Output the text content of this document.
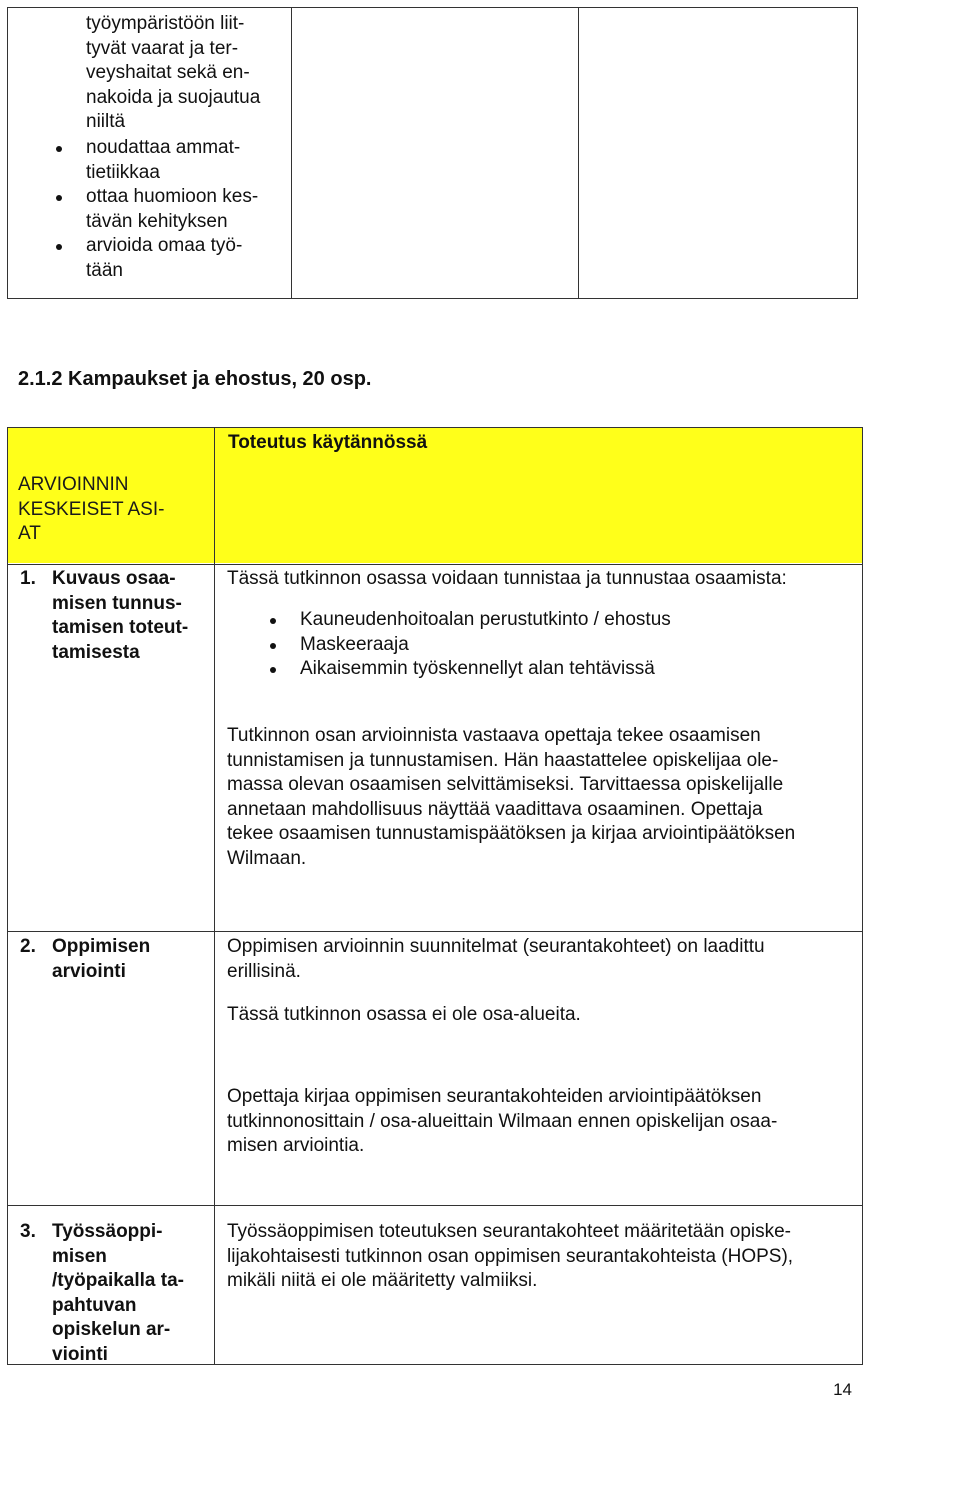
työympäristöön liit-
tyvät vaarat ja ter-
veyshaitat sekä en-
nakoida ja suojautua
niiltä
noudattaa ammat-
tietiikkaa
ottaa huomioon kes-
tävän kehityksen
arvioida omaa työ-
tään
2.1.2 Kampaukset ja ehostus, 20 osp.
ARVIOINNIN
KESKEISET ASI-
AT
Toteutus käytännössä
1. Kuvaus osaa-
misen tunnus-
tamisen toteut-
tamisesta
Tässä tutkinnon osassa voidaan tunnistaa ja tunnustaa osaamista:
Kauneudenhoitoalan perustutkinto / ehostus
Maskeeraaja
Aikaisemmin työskennellyt alan tehtävissä
Tutkinnon osan arvioinnista vastaava opettaja tekee osaamisen
tunnistamisen ja tunnustamisen. Hän haastattelee opiskelijaa ole-
massa olevan osaamisen selvittämiseksi. Tarvittaessa opiskelijalle
annetaan mahdollisuus näyttää vaadittava osaaminen. Opettaja
tekee osaamisen tunnustamispäätöksen ja kirjaa arviointipäätöksen
Wilmaan.
2. Oppimisen
arviointi
Oppimisen arvioinnin suunnitelmat (seurantakohteet) on laadittu
erillisinä.
Tässä tutkinnon osassa ei ole osa-alueita.
Opettaja kirjaa oppimisen seurantakohteiden arviointipäätöksen
tutkinnonosittain / osa-alueittain Wilmaan ennen opiskelijan osaa-
misen arviointia.
3. Työssäoppi-
misen
/työpaikalla ta-
pahtuvan
opiskelun ar-
viointi
Työssäoppimisen toteutuksen seurantakohteet määritetään opiske-
lijakohtaisesti tutkinnon osan oppimisen seurantakohteista (HOPS),
mikäli niitä ei ole määritetty valmiiksi.
14
